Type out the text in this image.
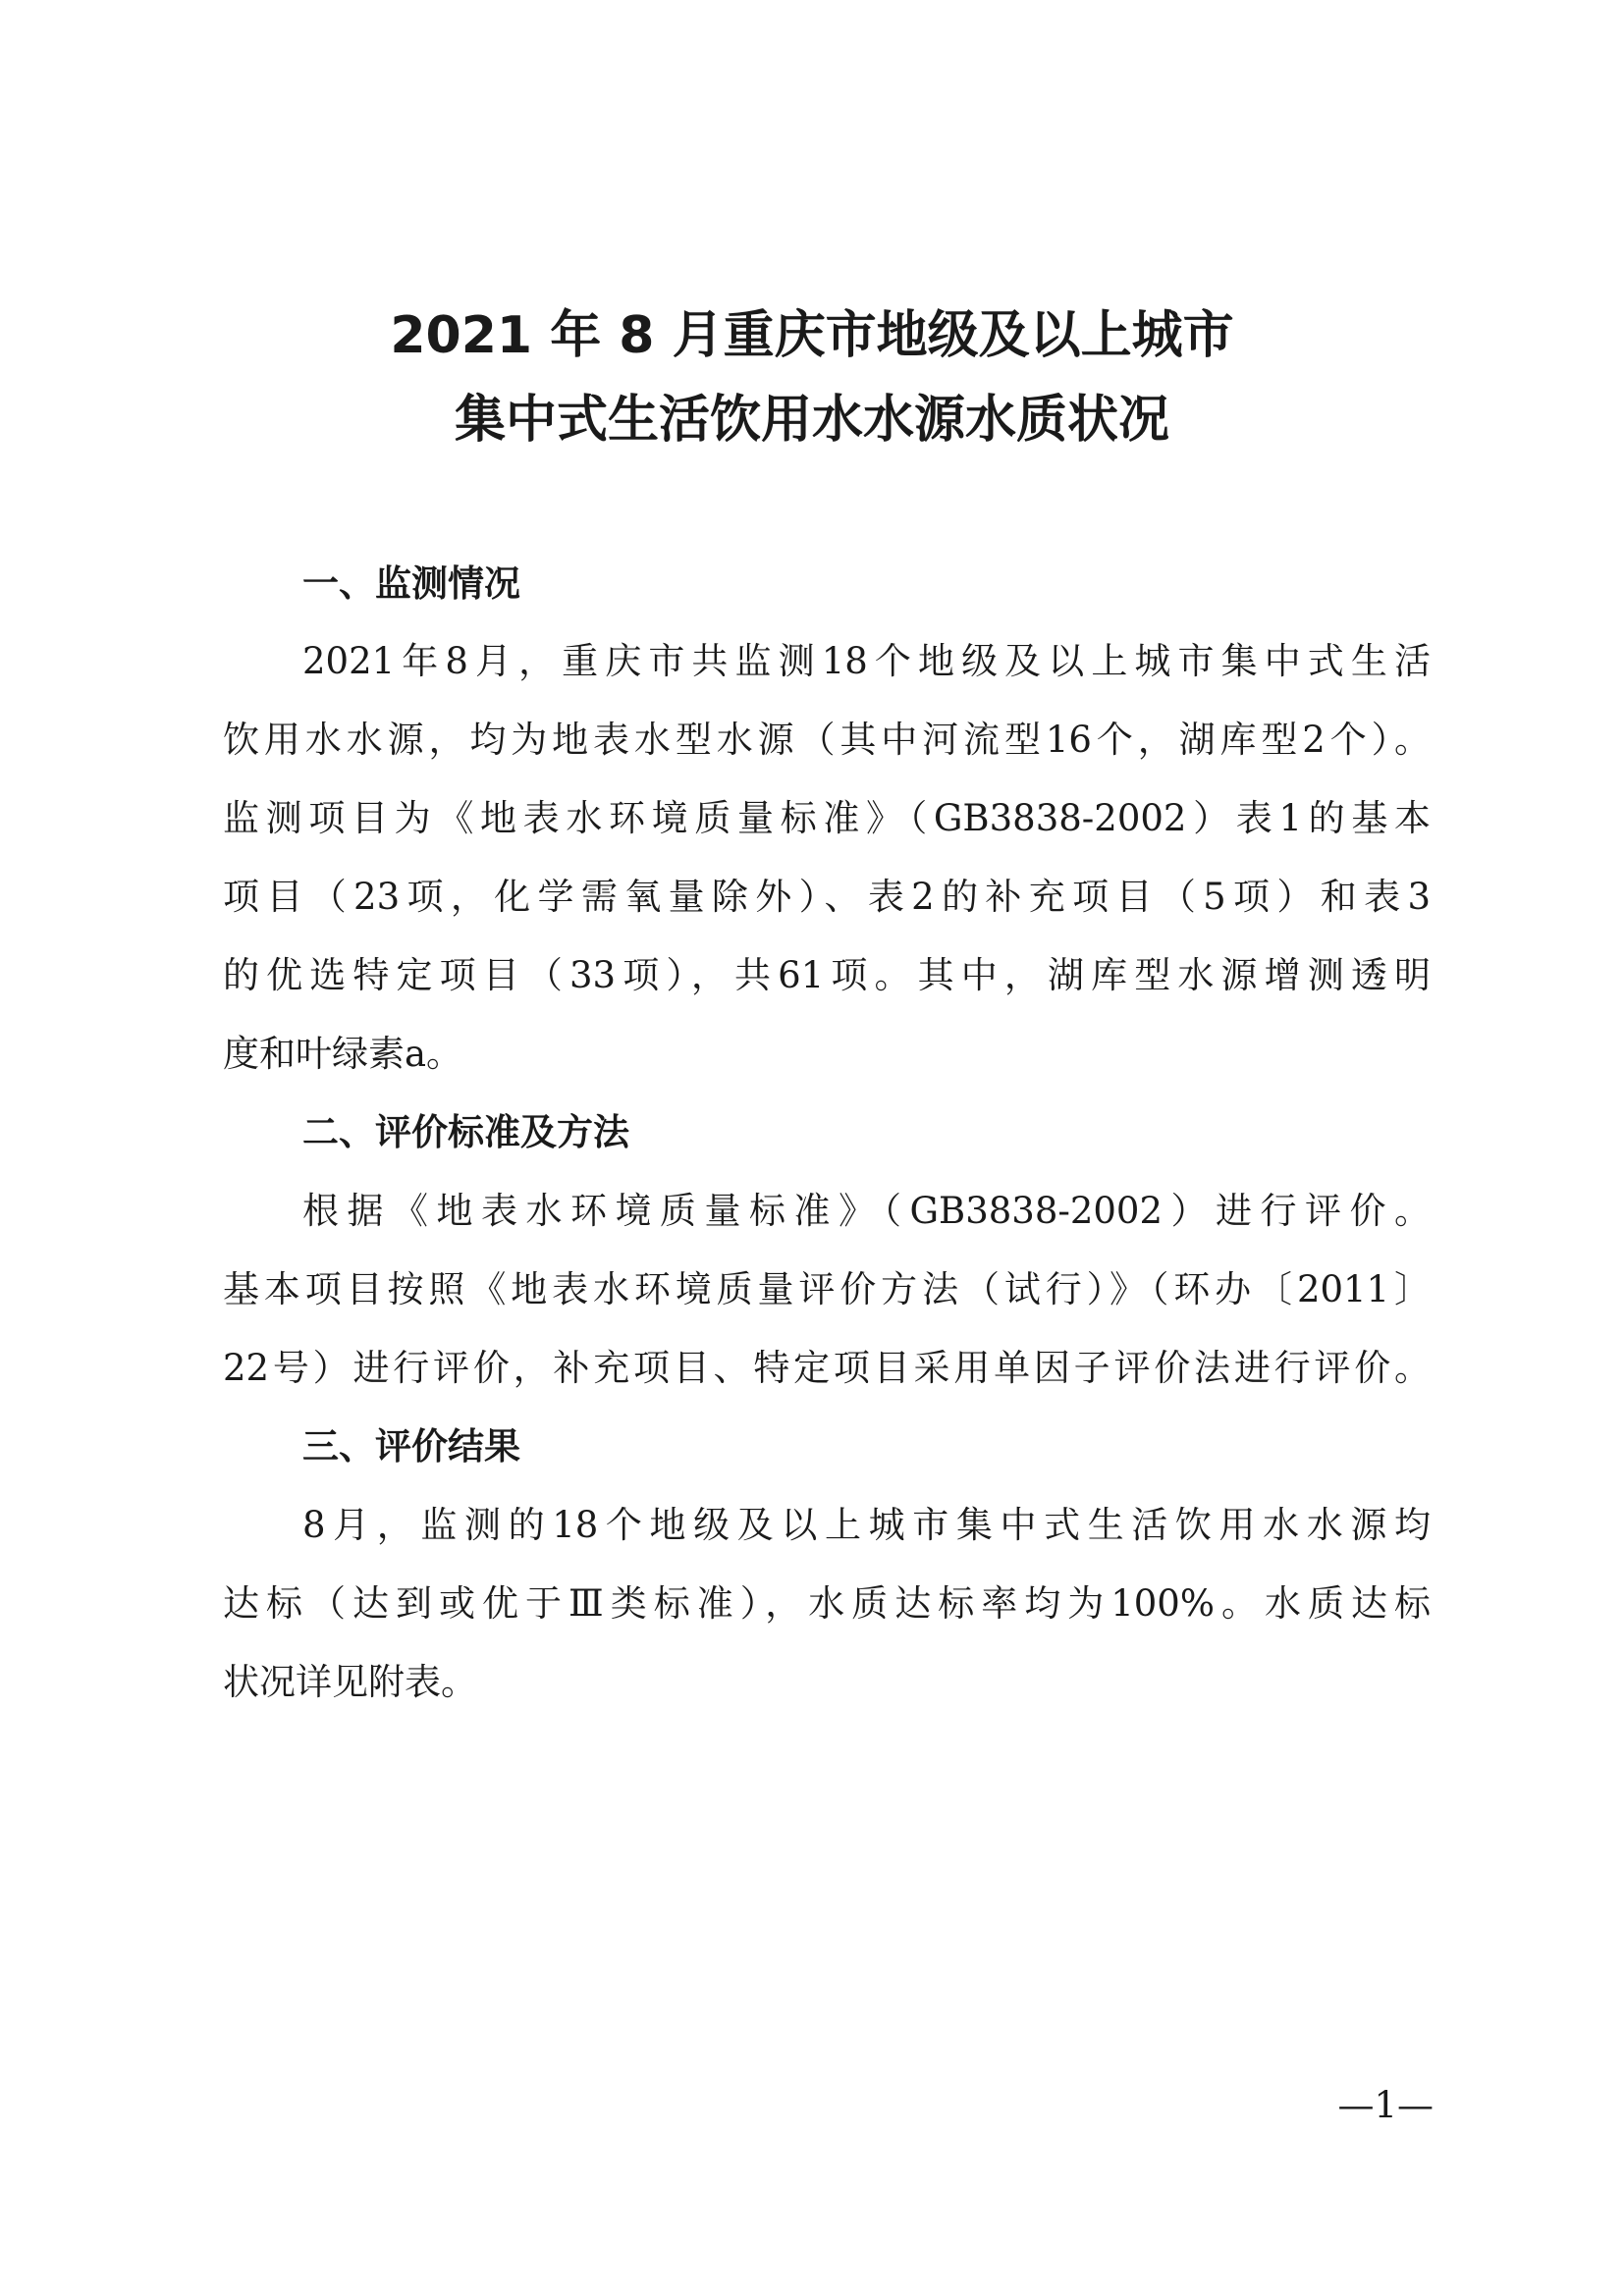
2021 年 8 月重庆市地级及以上城市
集中式生活饮用水水源水质状况
一、监测情况
2021年8月，重庆市共监测18个地级及以上城市集中式生活
饮用水水源，均为地表水型水源（其中河流型16个，湖库型2个）。
监测项目为《地表水环境质量标准》（GB3838-2002）表1的基本
项目（23项，化学需氧量除外）、表2的补充项目（5项）和表3
的优选特定项目（33项），共61项。其中，湖库型水源增测透明
度和叶绿素a。
二、评价标准及方法
根据《地表水环境质量标准》（GB3838-2002）进行评价。
基本项目按照《地表水环境质量评价方法（试行）》（环办〔2011〕
22号）进行评价，补充项目、特定项目采用单因子评价法进行评价。
三、评价结果
8月，监测的18个地级及以上城市集中式生活饮用水水源均
达标（达到或优于Ⅲ类标准），水质达标率均为100%。水质达标
状况详见附表。
—1—
